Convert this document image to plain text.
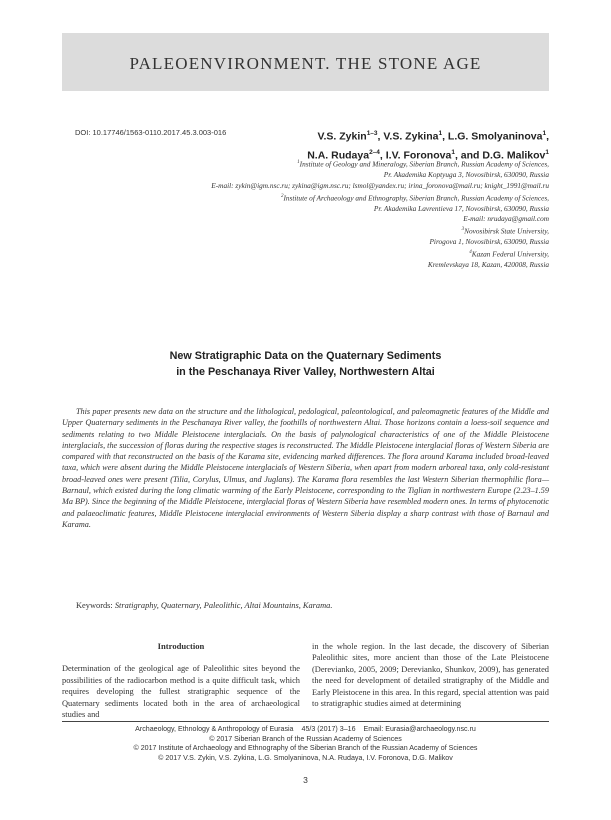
PALEOENVIRONMENT. THE STONE AGE
DOI: 10.17746/1563-0110.2017.45.3.003-016	V.S. Zykin$^{1-3}$, V.S. Zykina$^1$, L.G. Smolyaninova$^1$,
N.A. Rudaya$^{2-4}$, I.V. Foronova$^1$, and D.G. Malikov$^1$
$^1$Institute of Geology and Mineralogy, Siberian Branch, Russian Academy of Sciences,
Pr. Akademika Koptyuga 3, Novosibirsk, 630090, Russia
E-mail: zykin@igm.nsc.ru; zykina@igm.nsc.ru; lsmol@yandex.ru; irina_foronova@mail.ru; knight_1991@mail.ru
$^2$Institute of Archaeology and Ethnography, Siberian Branch, Russian Academy of Sciences,
Pr. Akademika Lavrentieva 17, Novosibirsk, 630090, Russia
E-mail: nrudaya@gmail.com
$^3$Novosibirsk State University,
Pirogova 1, Novosibirsk, 630090, Russia
$^4$Kazan Federal University,
Kremlevskaya 18, Kazan, 420008, Russia
New Stratigraphic Data on the Quaternary Sediments
in the Peschanaya River Valley, Northwestern Altai

This paper presents new data on the structure and the lithological, pedological, paleontological, and paleomagnetic features of the Middle and Upper Quaternary sediments in the Peschanaya River valley, the foothills of northwestern Altai. Those horizons contain a loess-soil sequence and sediments relating to two Middle Pleistocene interglacials. On the basis of palynological characteristics of one of the Middle Pleistocene interglacials, the succession of floras during the respective stages is reconstructed. The Middle Pleistocene interglacial floras of Western Siberia are compared with that reconstructed on the basis of the Karama site, evidencing marked differences. The flora around Karama included broad-leaved taxa, which were absent during the Middle Pleistocene interglacials of Western Siberia, when apart from modern arboreal taxa, only cold-resistant broad-leaved ones were present (Tilia, Corylus, Ulmus, and Juglans). The Karama flora resembles the last Western Siberian thermophilic flora—Barnaul, which existed during the long climatic warming of the Early Pleistocene, corresponding to the Tiglian in northwestern Europe (2.23–1.59 Ma BP). Since the beginning of the Middle Pleistocene, interglacial floras of Western Siberia have resembled modern ones. In terms of phytocenotic and palaeoclimatic features, Middle Pleistocene interglacial environments of Western Siberia display a sharp contrast with those of Barnaul and Karama.

Keywords: Stratigraphy, Quaternary, Paleolithic, Altai Mountains, Karama.
Introduction

Determination of the geological age of Paleolithic sites beyond the possibilities of the radiocarbon method is a quite difficult task, which requires developing the fullest stratigraphic sequence of the Quaternary sediments located both in the area of archaeological studies and

in the whole region. In the last decade, the discovery of Siberian Paleolithic sites, more ancient than those of the Late Pleistocene (Derevianko, 2005, 2009; Derevianko, Shunkov, 2009), has generated the need for development of detailed stratigraphy of the Middle and Early Pleistocene in this area. In this regard, special attention was paid to stratigraphic studies aimed at determining

Archaeology, Ethnology & Anthropology of Eurasia 45/3 (2017) 3–16 Email: Eurasia@archaeology.nsc.ru
© 2017 Siberian Branch of the Russian Academy of Sciences
© 2017 Institute of Archaeology and Ethnography of the Siberian Branch of the Russian Academy of Sciences
© 2017 V.S. Zykin, V.S. Zykina, L.G. Smolyaninova, N.A. Rudaya, I.V. Foronova, D.G. Malikov
3
